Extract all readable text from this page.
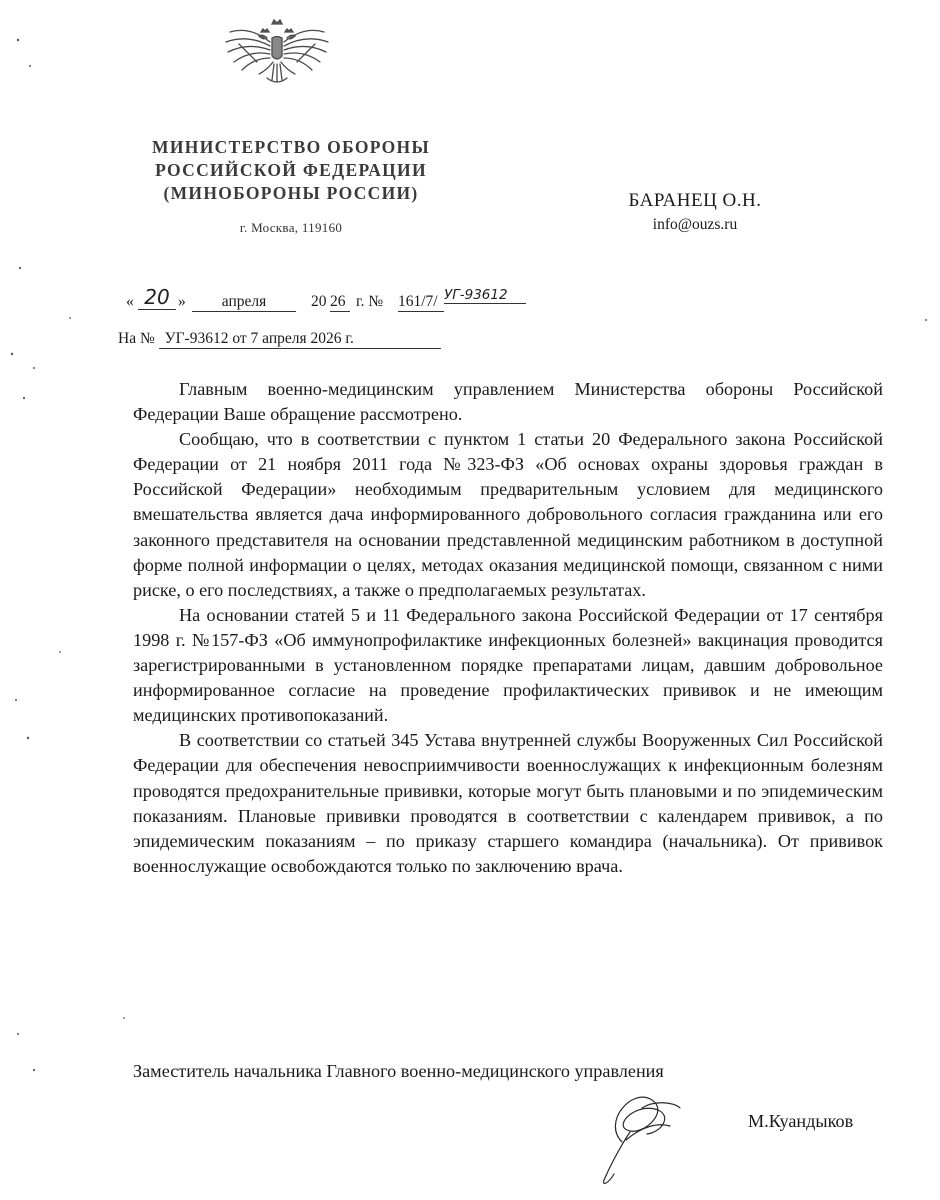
МИНИСТЕРСТВО ОБОРОНЫ
РОССИЙСКОЙ ФЕДЕРАЦИИ
(МИНОБОРОНЫ РОССИИ)
г. Москва, 119160
БАРАНЕЦ О.Н.
info@ouzs.ru
« 20 »	апреля	20 26 г. № 161/7/ УГ-93612
На № УГ-93612 от 7 апреля 2026 г.

Главным военно-медицинским управлением Министерства обороны Российской Федерации Ваше обращение рассмотрено.

Сообщаю, что в соответствии с пунктом 1 статьи 20 Федерального закона Российской Федерации от 21 ноября 2011 года №323-ФЗ «Об основах охраны здоровья граждан в Российской Федерации» необходимым предварительным условием для медицинского вмешательства является дача информированного добровольного согласия гражданина или его законного представителя на основании представленной медицинским работником в доступной форме полной информации о целях, методах оказания медицинской помощи, связанном с ними риске, о его последствиях, а также о предполагаемых результатах.

На основании статей 5 и 11 Федерального закона Российской Федерации от 17 сентября 1998 г. №157-ФЗ «Об иммунопрофилактике инфекционных болезней» вакцинация проводится зарегистрированными в установленном порядке препаратами лицам, давшим добровольное информированное согласие на проведение профилактических прививок и не имеющим медицинских противопоказаний.

В соответствии со статьей 345 Устава внутренней службы Вооруженных Сил Российской Федерации для обеспечения невосприимчивости военнослужащих к инфекционным болезням проводятся предохранительные прививки, которые могут быть плановыми и по эпидемическим показаниям. Плановые прививки проводятся в соответствии с календарем прививок, а по эпидемическим показаниям – по приказу старшего командира (начальника). От прививок военнослужащие освобождаются только по заключению врача.

Заместитель начальника Главного военно-медицинского управления
М.Куандыков
